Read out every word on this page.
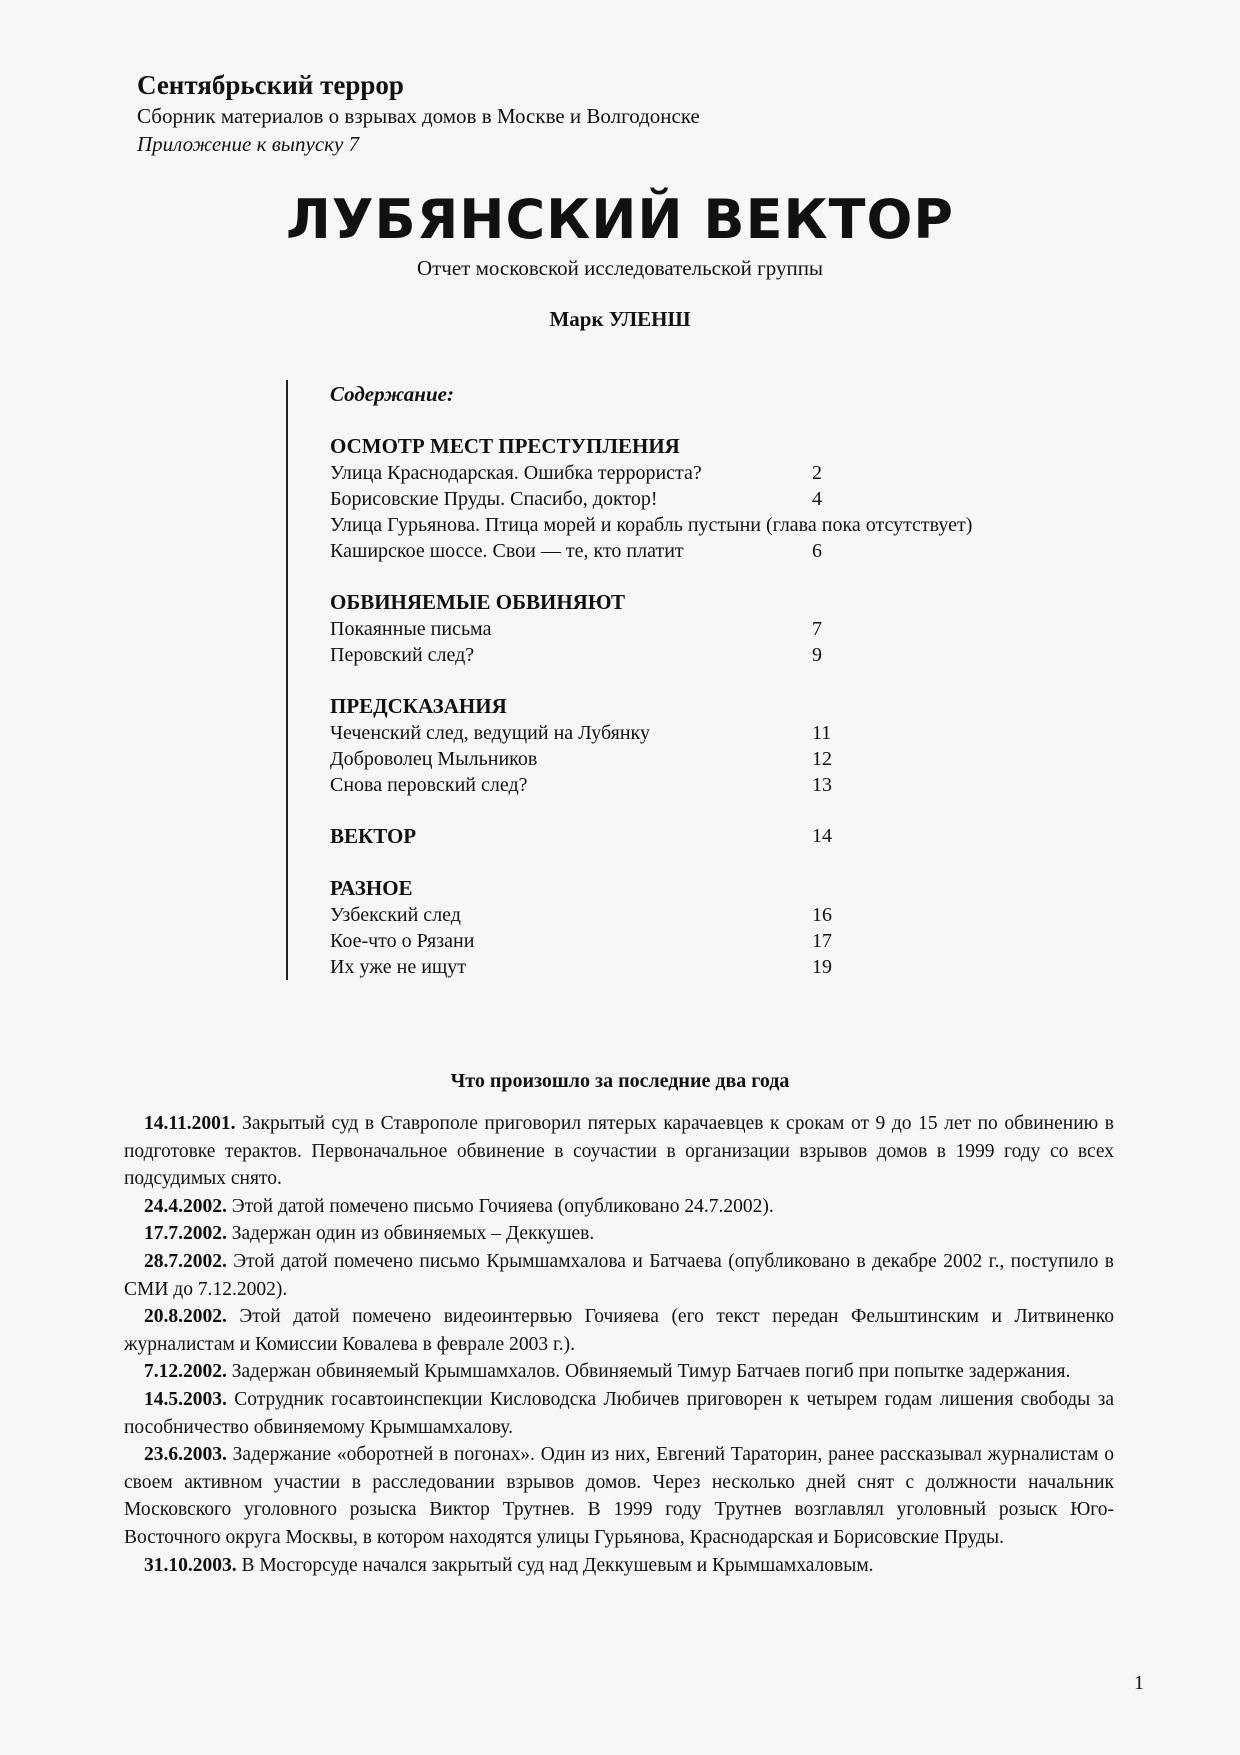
Сентябрьский террор

Сборник материалов о взрывах домов в Москве и Волгодонске

Приложение к выпуску 7

ЛУБЯНСКИЙ ВЕКТОР
Отчет московской исследовательской группы
Марк УЛЕНШ

Содержание:

ОСМОТР МЕСТ ПРЕСТУПЛЕНИЯ

Улица Краснодарская. Ошибка террориста?	2
Борисовские Пруды. Спасибо, доктор!	4
Улица Гурьянова. Птица морей и корабль пустыни (глава пока отсутствует)
Каширское шоссе. Свои — те, кто платит	6

ОБВИНЯЕМЫЕ ОБВИНЯЮТ

Покаянные письма	7
Перовский след?	9

ПРЕДСКАЗАНИЯ

Чеченский след, ведущий на Лубянку	11
Доброволец Мыльников	12
Снова перовский след?	13

ВЕКТОР	14

РАЗНОЕ

Узбекский след	16
Кое-что о Рязани	17
Их уже не ищут	19
Что произошло за последние два года

14.11.2001. Закрытый суд в Ставрополе приговорил пятерых карачаевцев к срокам от 9 до 15 лет по обвинению в подготовке терактов. Первоначальное обвинение в соучастии в организации взрывов домов в 1999 году со всех подсудимых снято.

24.4.2002. Этой датой помечено письмо Гочияева (опубликовано 24.7.2002).

17.7.2002. Задержан один из обвиняемых – Деккушев.

28.7.2002. Этой датой помечено письмо Крымшамхалова и Батчаева (опубликовано в декабре 2002 г., поступило в СМИ до 7.12.2002).

20.8.2002. Этой датой помечено видеоинтервью Гочияева (его текст передан Фельштинским и Литвиненко журналистам и Комиссии Ковалева в феврале 2003 г.).

7.12.2002. Задержан обвиняемый Крымшамхалов. Обвиняемый Тимур Батчаев погиб при попытке задержания.

14.5.2003. Сотрудник госавтоинспекции Кисловодска Любичев приговорен к четырем годам лишения свободы за пособничество обвиняемому Крымшамхалову.

23.6.2003. Задержание «оборотней в погонах». Один из них, Евгений Тараторин, ранее рассказывал журналистам о своем активном участии в расследовании взрывов домов. Через несколько дней снят с должности начальник Московского уголовного розыска Виктор Трутнев. В 1999 году Трутнев возглавлял уголовный розыск Юго-Восточного округа Москвы, в котором находятся улицы Гурьянова, Краснодарская и Борисовские Пруды.

31.10.2003. В Мосгорсуде начался закрытый суд над Деккушевым и Крымшамхаловым.

1
